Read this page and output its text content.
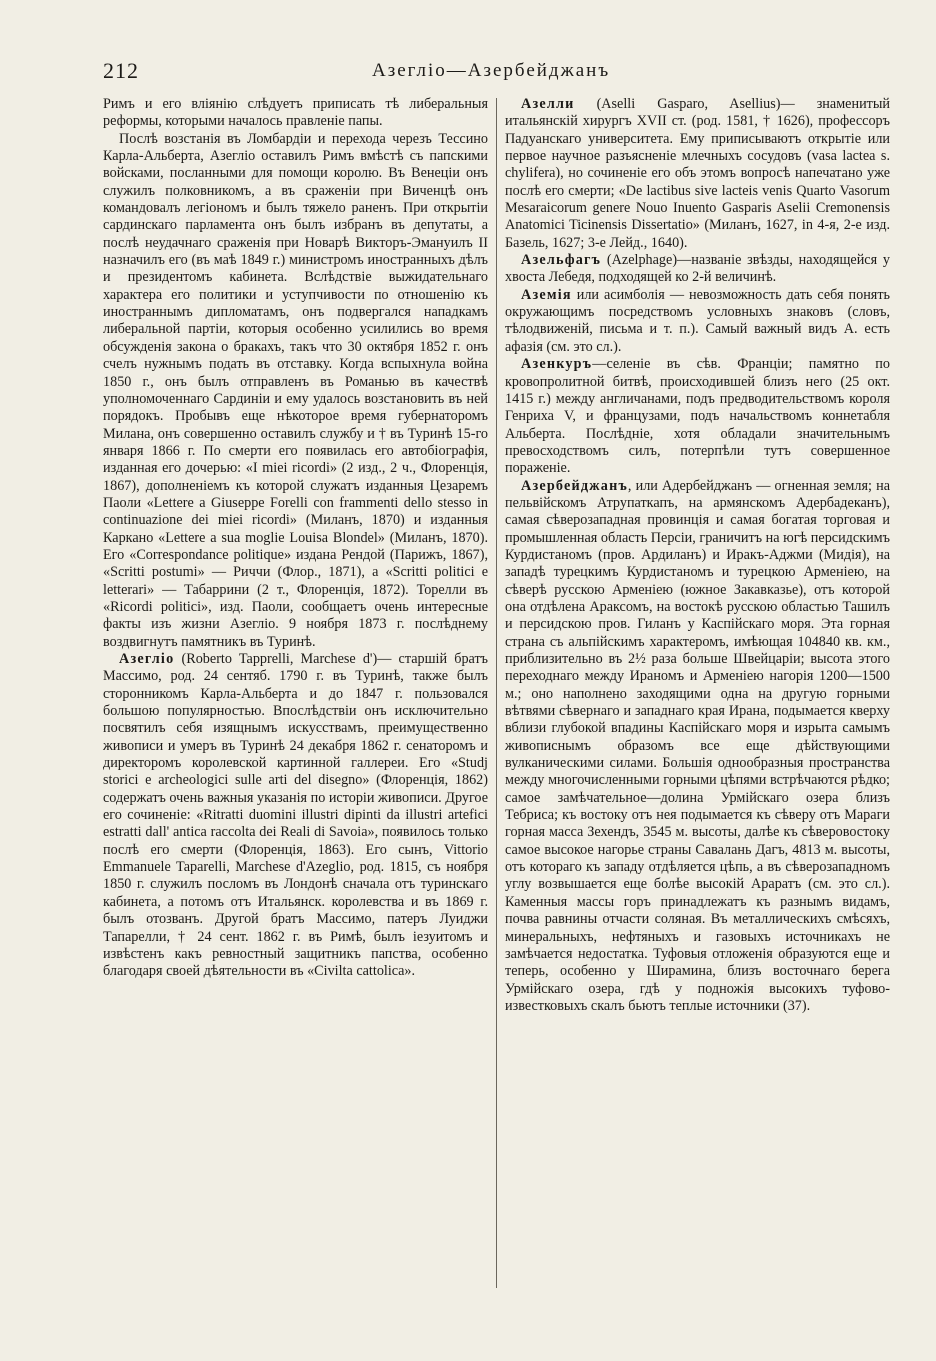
212	Азеглiо—Азербейджанъ

Римъ и его вліянію слѣдуетъ приписать тѣ либеральныя реформы, которыми началось правленіе папы.

Послѣ возстанія въ Ломбардіи и перехода черезъ Тессино Карла-Альберта, Азеглiо оставилъ Римъ вмѣстѣ съ папскими войсками, посланными для помощи королю. Въ Венеціи онъ служилъ полковникомъ, а въ сраженіи при Виченцѣ онъ командовалъ легіономъ и былъ тяжело раненъ. При открытіи сардинскаго парламента онъ былъ избранъ въ депутаты, а послѣ неудачнаго сраженія при Новарѣ Викторъ-Эмануилъ II назначилъ его (въ маѣ 1849 г.) министромъ иностранныхъ дѣлъ и президентомъ кабинета. Вслѣдствіе выжидательнаго характера его политики и уступчивости по отношенію къ иностраннымъ дипломатамъ, онъ подвергался нападкамъ либеральной партіи, которыя особенно усилились во время обсужденія закона о бракахъ, такъ что 30 октября 1852 г. онъ счелъ нужнымъ подать въ отставку. Когда вспыхнула война 1850 г., онъ былъ отправленъ въ Романью въ качествѣ уполномоченнаго Сардиніи и ему удалось возстановить въ ней порядокъ. Пробывъ еще нѣкоторое время губернаторомъ Милана, онъ совершенно оставилъ службу и † въ Туринѣ 15-го января 1866 г. По смерти его появилась его автобіографія, изданная его дочерью: «I miei ricordi» (2 изд., 2 ч., Флоренція, 1867), дополненіемъ къ которой служатъ изданныя Цезаремъ Паоли «Lettere a Giuseppe Forelli con frammenti dello stesso in continuazione dei miei ricordi» (Миланъ, 1870) и изданныя Каркано «Lettere a sua moglie Louisa Blondel» (Миланъ, 1870). Его «Correspondance politique» издана Рендой (Парижъ, 1867), «Scritti postumi» — Риччи (Флор., 1871), а «Scritti politici e letterari» — Табаррини (2 т., Флоренція, 1872). Торелли въ «Ricordi politici», изд. Паоли, сообщаетъ очень интересные факты изъ жизни Азеглiо. 9 ноября 1873 г. послѣднему воздвигнутъ памятникъ въ Туринѣ.

Азеглiо (Roberto Tapprelli, Marchese d')— старшій братъ Массимо, род. 24 сентяб. 1790 г. въ Туринѣ, также былъ сторонникомъ Карла-Альберта и до 1847 г. пользовался большою популярностью. Впослѣдствіи онъ исключительно посвятилъ себя изящнымъ искусствамъ, преимущественно живописи и умеръ въ Туринѣ 24 декабря 1862 г. сенаторомъ и директоромъ королевской картинной галлереи. Его «Studj storici e archeologici sulle arti del disegno» (Флоренція, 1862) содержатъ очень важныя указанія по исторіи живописи. Другое его сочиненіе: «Ritratti duomini illustri dipinti da illustri artefici estratti dall' antica raccolta dei Reali di Savoia», появилось только послѣ его смерти (Флоренція, 1863). Его сынъ, Vittorio Emmanuele Taparelli, Marchese d'Azeglio, род. 1815, съ ноября 1850 г. служилъ посломъ въ Лондонѣ сначала отъ туринскаго кабинета, а потомъ отъ Итальянск. королевства и въ 1869 г. былъ отозванъ. Другой братъ Массимо, патеръ Луиджи Тапарелли, † 24 сент. 1862 г. въ Римѣ, былъ іезуитомъ и извѣстенъ какъ ревностный защитникъ папства, особенно благодаря своей дѣятельности въ «Civilta cattolica».

Азелли (Aselli Gasparo, Asellius)— знаменитый итальянскій хирургъ XVII ст. (род. 1581, † 1626), профессоръ Падуанскаго университета. Ему приписываютъ открытіе или первое научное разъясненіе млечныхъ сосудовъ (vasa lactea s. chylifera), но сочиненіе его объ этомъ вопросѣ напечатано уже послѣ его смерти; «De lactibus sive lacteis venis Quarto Vasorum Mesaraicorum genere Nouo Inuento Gasparis Aselii Cremonensis Anatomici Ticinensis Dissertatio» (Миланъ, 1627, in 4-я, 2-е изд. Базель, 1627; 3-е Лейд., 1640).

Азельфагъ (Azelphage)—названіе звѣзды, находящейся у хвоста Лебедя, подходящей ко 2-й величинѣ.

Аземія или асимболія — невозможность дать себя понять окружающимъ посредствомъ условныхъ знаковъ (словъ, тѣлодвиженій, письма и т. п.). Самый важный видъ А. есть афазія (см. это сл.).

Азенкуръ—селеніе въ сѣв. Франціи; памятно по кровопролитной битвѣ, происходившей близъ него (25 окт. 1415 г.) между англичанами, подъ предводительствомъ короля Генриха V, и французами, подъ начальствомъ коннетабля Альберта. Послѣдніе, хотя обладали значительнымъ превосходствомъ силъ, потерпѣли тутъ совершенное пораженіе.

Азербейджанъ, или Адербейджанъ — огненная земля; на пельвійскомъ Атрупаткапъ, на армянскомъ Адербадеканъ), самая сѣверозападная провинція и самая богатая торговая и промышленная область Персіи, граничитъ на югѣ персидскимъ Курдистаномъ (пров. Ардиланъ) и Иракъ-Аджми (Мидія), на западѣ турецкимъ Курдистаномъ и турецкою Арменіею, на сѣверѣ русскою Арменіею (южное Закавказье), отъ которой она отдѣлена Араксомъ, на востокѣ русскою областью Ташилъ и персидскою пров. Гиланъ у Каспійскаго моря. Эта горная страна съ альпійскимъ характеромъ, имѣющая 104840 кв. км., приблизительно въ 2½ раза больше Швейцаріи; высота этого переходнаго между Ираномъ и Арменіею нагорія 1200—1500 м.; оно наполнено заходящими одна на другую горными вѣтвями сѣвернаго и западнаго края Ирана, подымается кверху вблизи глубокой впадины Каспійскаго моря и изрыта самымъ живописнымъ образомъ все еще дѣйствующими вулканическими силами. Большія однообразныя пространства между многочисленными горными цѣпями встрѣчаются рѣдко; самое замѣчательное—долина Урмійскаго озера близъ Тебриса; къ востоку отъ нея подымается къ сѣверу отъ Мараги горная масса Зехендъ, 3545 м. высоты, далѣе къ сѣверовостоку самое высокое нагорье страны Савалань Дагъ, 4813 м. высоты, отъ котораго къ западу отдѣляется цѣпь, а въ сѣверозападномъ углу возвышается еще болѣе высокій Араратъ (см. это сл.). Каменныя массы горъ принадлежатъ къ разнымъ видамъ, почва равнины отчасти соляная. Въ металлическихъ смѣсяхъ, минеральныхъ, нефтяныхъ и газовыхъ источникахъ не замѣчается недостатка. Туфовыя отложенія образуются еще и теперь, особенно у Ширамина, близъ восточнаго берега Урмійскаго озера, гдѣ у подножія высокихъ туфово-известковыхъ скалъ бьютъ теплые источники (37).
